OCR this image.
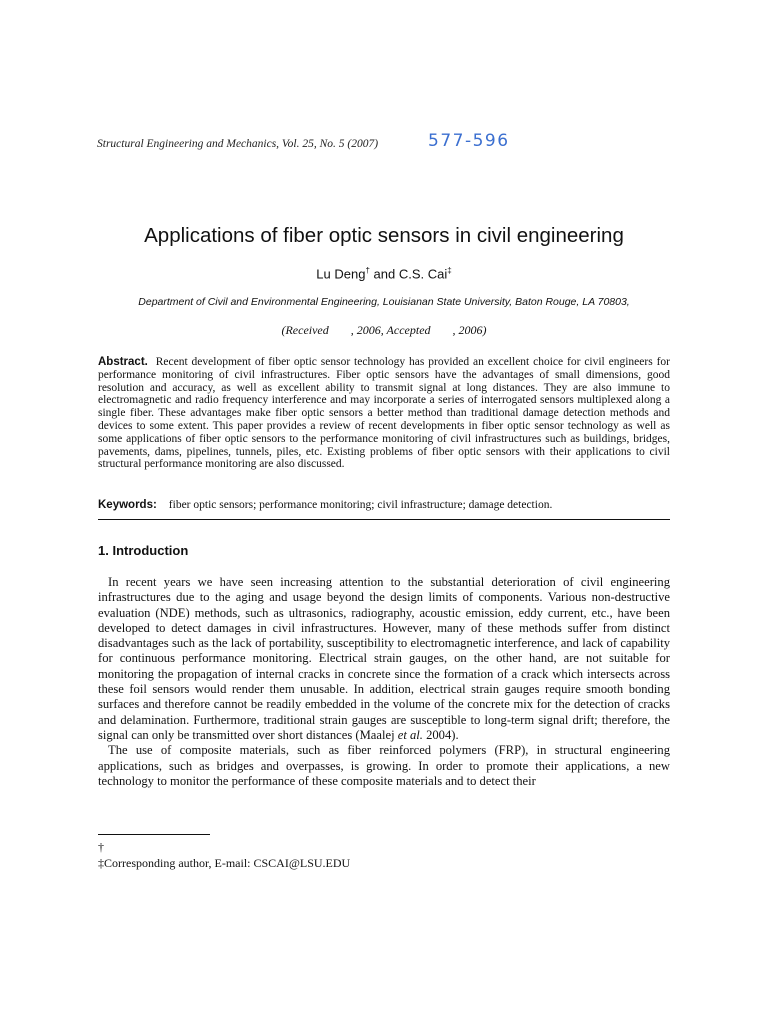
Structural Engineering and Mechanics, Vol. 25, No. 5 (2007)	577-596
Applications of fiber optic sensors in civil engineering
Lu Deng† and C.S. Cai‡
Department of Civil and Environmental Engineering, Louisianan State University, Baton Rouge, LA 70803,
(Received , 2006, Accepted , 2006)
Abstract. Recent development of fiber optic sensor technology has provided an excellent choice for civil engineers for performance monitoring of civil infrastructures. Fiber optic sensors have the advantages of small dimensions, good resolution and accuracy, as well as excellent ability to transmit signal at long distances. They are also immune to electromagnetic and radio frequency interference and may incorporate a series of interrogated sensors multiplexed along a single fiber. These advantages make fiber optic sensors a better method than traditional damage detection methods and devices to some extent. This paper provides a review of recent developments in fiber optic sensor technology as well as some applications of fiber optic sensors to the performance monitoring of civil infrastructures such as buildings, bridges, pavements, dams, pipelines, tunnels, piles, etc. Existing problems of fiber optic sensors with their applications to civil structural performance monitoring are also discussed.
Keywords: fiber optic sensors; performance monitoring; civil infrastructure; damage detection.
1. Introduction

In recent years we have seen increasing attention to the substantial deterioration of civil engineering infrastructures due to the aging and usage beyond the design limits of components. Various non-destructive evaluation (NDE) methods, such as ultrasonics, radiography, acoustic emission, eddy current, etc., have been developed to detect damages in civil infrastructures. However, many of these methods suffer from distinct disadvantages such as the lack of portability, susceptibility to electromagnetic interference, and lack of capability for continuous performance monitoring. Electrical strain gauges, on the other hand, are not suitable for monitoring the propagation of internal cracks in concrete since the formation of a crack which intersects across these foil sensors would render them unusable. In addition, electrical strain gauges require smooth bonding surfaces and therefore cannot be readily embedded in the volume of the concrete mix for the detection of cracks and delamination. Furthermore, traditional strain gauges are susceptible to long-term signal drift; therefore, the signal can only be transmitted over short distances (Maalej et al. 2004).

The use of composite materials, such as fiber reinforced polymers (FRP), in structural engineering applications, such as bridges and overpasses, is growing. In order to promote their applications, a new technology to monitor the performance of these composite materials and to detect their

†
‡Corresponding author, E-mail: CSCAI@LSU.EDU
